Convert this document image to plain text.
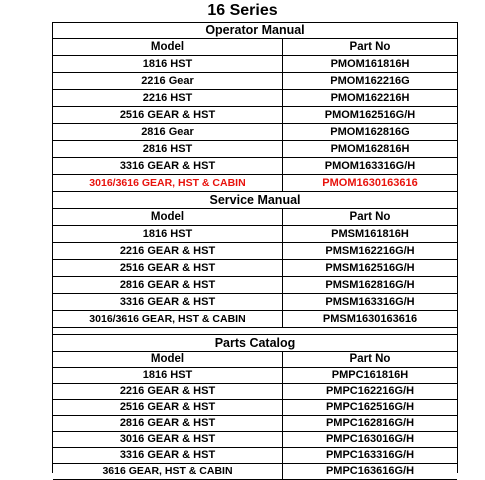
16 Series
Operator Manual
Model	Part No
1816 HST	PMOM161816H
2216 Gear	PMOM162216G
2216 HST	PMOM162216H
2516 GEAR & HST	PMOM162516G/H
2816 Gear	PMOM162816G
2816 HST	PMOM162816H
3316 GEAR & HST	PMOM163316G/H
3016/3616 GEAR, HST & CABIN	PMOM1630163616
Service Manual
Model	Part No
1816 HST	PMSM161816H
2216 GEAR & HST	PMSM162216G/H
2516 GEAR & HST	PMSM162516G/H
2816 GEAR & HST	PMSM162816G/H
3316 GEAR & HST	PMSM163316G/H
3016/3616 GEAR, HST & CABIN	PMSM1630163616
Parts Catalog
Model	Part No
1816 HST	PMPC161816H
2216 GEAR & HST	PMPC162216G/H
2516 GEAR & HST	PMPC162516G/H
2816 GEAR & HST	PMPC162816G/H
3016 GEAR & HST	PMPC163016G/H
3316 GEAR & HST	PMPC163316G/H
3616 GEAR, HST & CABIN	PMPC163616G/H
